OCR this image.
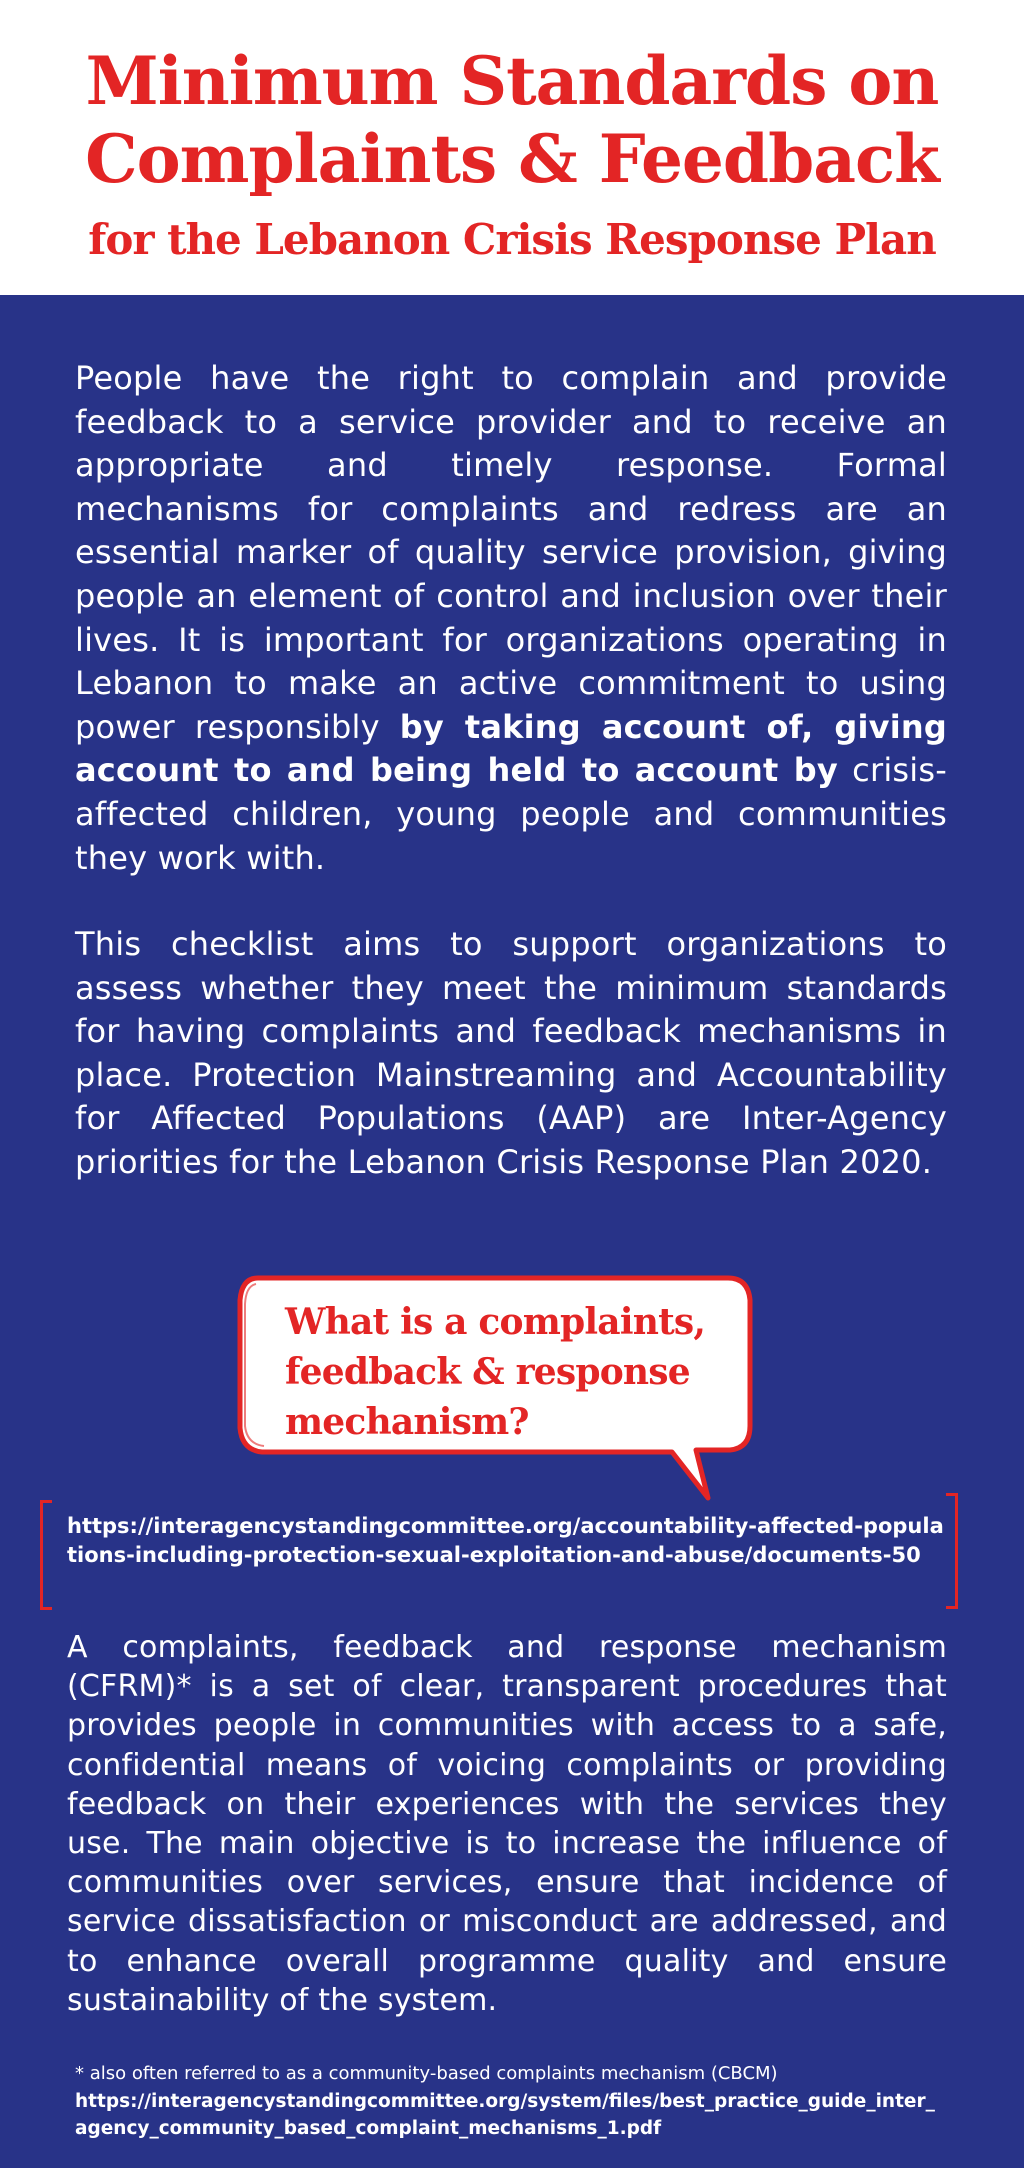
Minimum Standards on
Complaints & Feedback
for the Lebanon Crisis Response Plan
People have the right to complain and provide feedback to a service provider and to receive an appropriate and timely response. Formal mechanisms for complaints and redress are an essential marker of quality service provision, giving people an element of control and inclusion over their lives. It is important for organizations operating in Lebanon to make an active commitment to using power responsibly by taking account of, giving account to and being held to account by crisis-affected children, young people and communities they work with.
This checklist aims to support organizations to assess whether they meet the minimum standards for having complaints and feedback mechanisms in place. Protection Mainstreaming and Accountability for Affected Populations (AAP) are Inter-Agency priorities for the Lebanon Crisis Response Plan 2020.
What is a complaints,
feedback & response
mechanism?
https://interagencystandingcommittee.org/accountability-affected-populations-including-protection-sexual-exploitation-and-abuse/documents-50
A complaints, feedback and response mechanism (CFRM)* is a set of clear, transparent procedures that provides people in communities with access to a safe, confidential means of voicing complaints or providing feedback on their experiences with the services they use. The main objective is to increase the influence of communities over services, ensure that incidence of service dissatisfaction or misconduct are addressed, and to enhance overall programme quality and ensure sustainability of the system.
* also often referred to as a community-based complaints mechanism (CBCM)
https://interagencystandingcommittee.org/system/files/best_practice_guide_inter_agency_community_based_complaint_mechanisms_1.pdf
